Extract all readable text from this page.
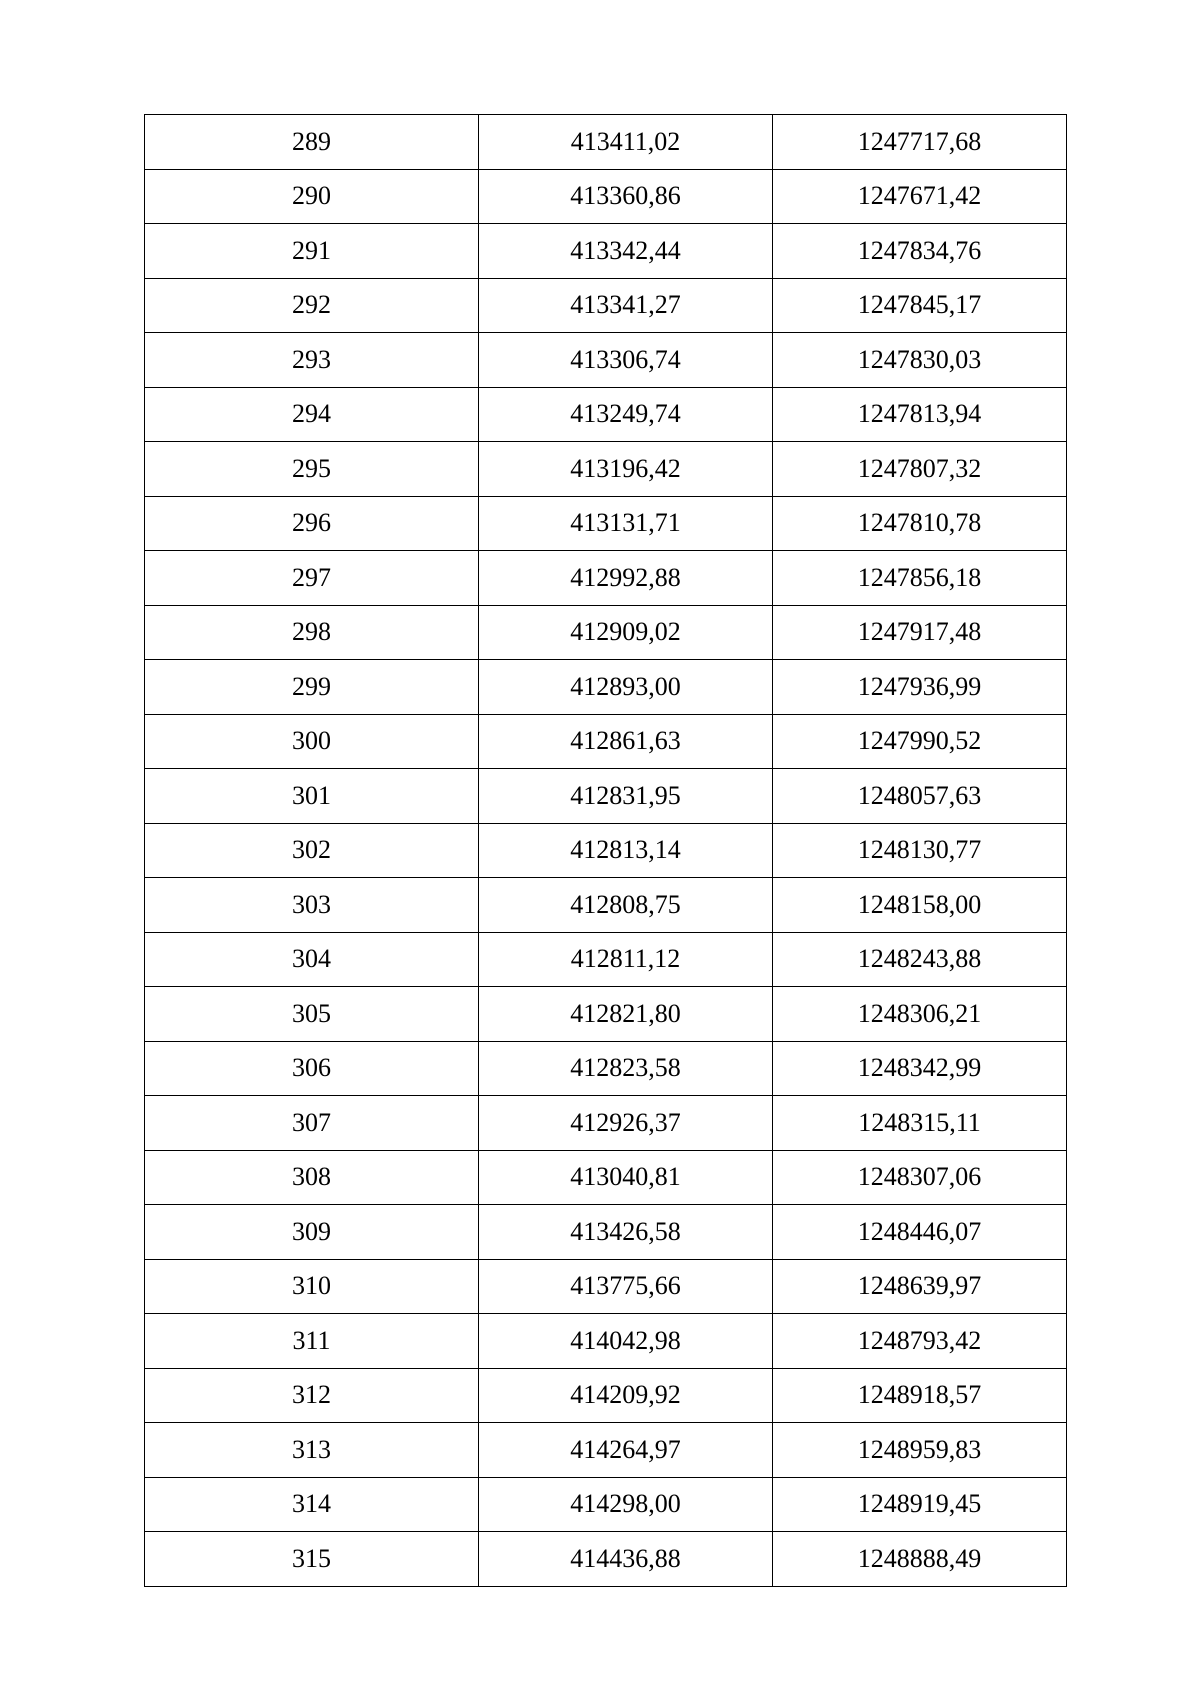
289	413411,02	1247717,68
290	413360,86	1247671,42
291	413342,44	1247834,76
292	413341,27	1247845,17
293	413306,74	1247830,03
294	413249,74	1247813,94
295	413196,42	1247807,32
296	413131,71	1247810,78
297	412992,88	1247856,18
298	412909,02	1247917,48
299	412893,00	1247936,99
300	412861,63	1247990,52
301	412831,95	1248057,63
302	412813,14	1248130,77
303	412808,75	1248158,00
304	412811,12	1248243,88
305	412821,80	1248306,21
306	412823,58	1248342,99
307	412926,37	1248315,11
308	413040,81	1248307,06
309	413426,58	1248446,07
310	413775,66	1248639,97
311	414042,98	1248793,42
312	414209,92	1248918,57
313	414264,97	1248959,83
314	414298,00	1248919,45
315	414436,88	1248888,49
